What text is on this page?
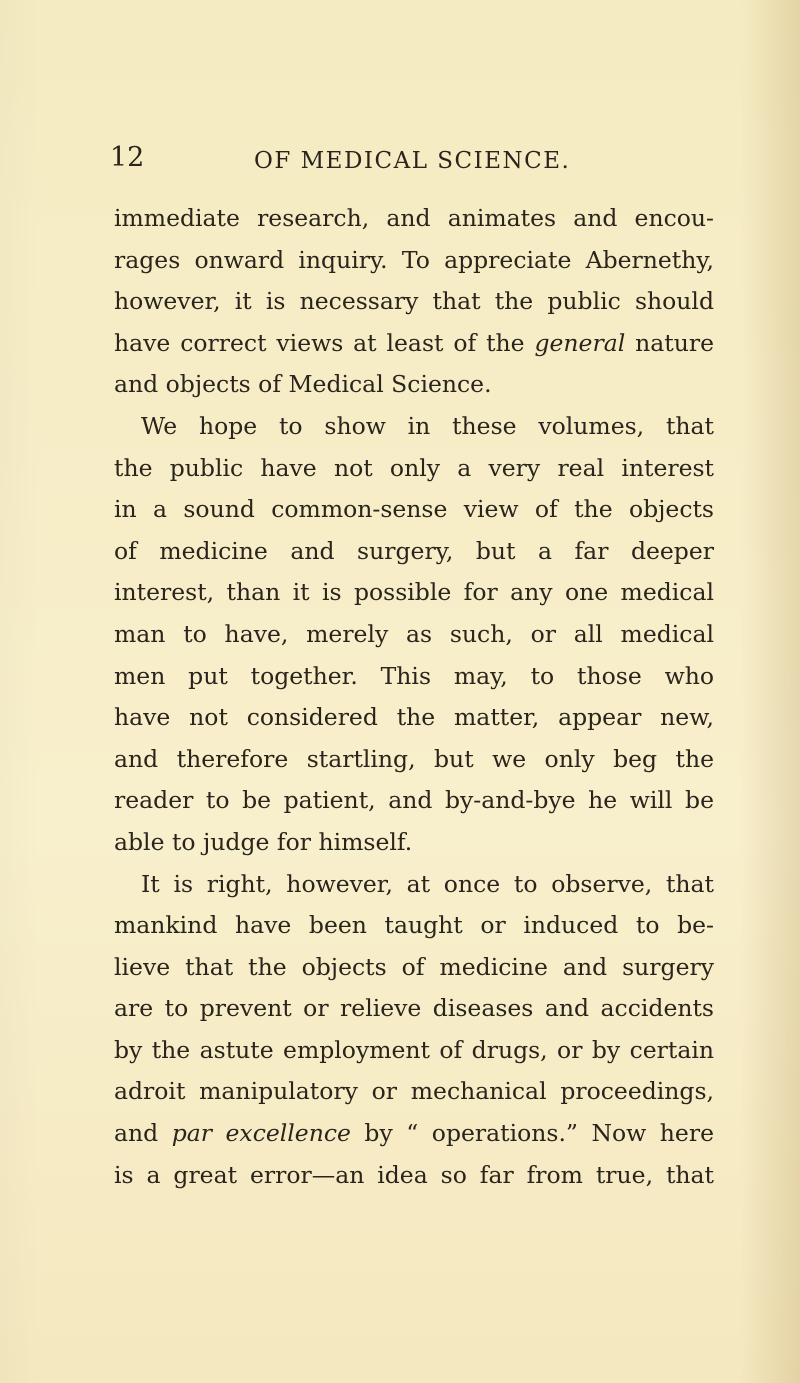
12	OF MEDICAL SCIENCE.
immediate research, and animates and encou-
rages onward inquiry. To appreciate Abernethy,
however, it is necessary that the public should
have correct views at least of the general nature
and objects of Medical Science.
We hope to show in these volumes, that
the public have not only a very real interest
in a sound common-sense view of the objects
of medicine and surgery, but a far deeper
interest, than it is possible for any one medical
man to have, merely as such, or all medical
men put together. This may, to those who
have not considered the matter, appear new,
and therefore startling, but we only beg the
reader to be patient, and by-and-bye he will be
able to judge for himself.
It is right, however, at once to observe, that
mankind have been taught or induced to be-
lieve that the objects of medicine and surgery
are to prevent or relieve diseases and accidents
by the astute employment of drugs, or by certain
adroit manipulatory or mechanical proceedings,
and par excellence by “ operations.” Now here
is a great error—an idea so far from true, that
